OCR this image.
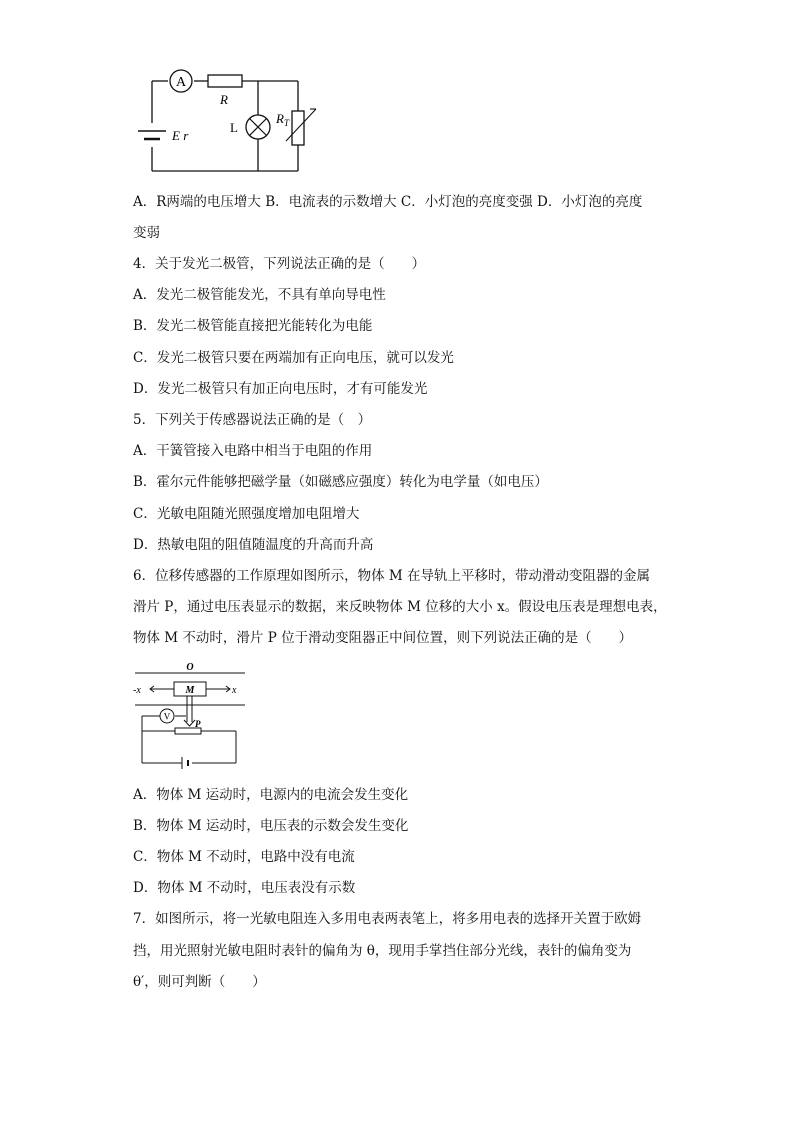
A
R
E r
L
$R_T$
A．R两端的电压增大 B．电流表的示数增大 C．小灯泡的亮度变强 D．小灯泡的亮度
变弱
4．关于发光二极管，下列说法正确的是（　　）
A．发光二极管能发光，不具有单向导电性
B．发光二极管能直接把光能转化为电能
C．发光二极管只要在两端加有正向电压，就可以发光
D．发光二极管只有加正向电压时，才有可能发光
5．下列关于传感器说法正确的是（　）
A．干簧管接入电路中相当于电阻的作用
B．霍尔元件能够把磁学量（如磁感应强度）转化为电学量（如电压）
C．光敏电阻随光照强度增加电阻增大
D．热敏电阻的阻值随温度的升高而升高
6．位移传感器的工作原理如图所示，物体 M 在导轨上平移时，带动滑动变阻器的金属
滑片 P，通过电压表显示的数据，来反映物体 M 位移的大小 x。假设电压表是理想电表，
物体 M 不动时，滑片 P 位于滑动变阻器正中间位置，则下列说法正确的是（　　）
V
O
M
-x	x
P
A．物体 M 运动时，电源内的电流会发生变化
B．物体 M 运动时，电压表的示数会发生变化
C．物体 M 不动时，电路中没有电流
D．物体 M 不动时，电压表没有示数
7．如图所示，将一光敏电阻连入多用电表两表笔上，将多用电表的选择开关置于欧姆
挡，用光照射光敏电阻时表针的偏角为 θ，现用手掌挡住部分光线，表针的偏角变为
θ′，则可判断（　　）
